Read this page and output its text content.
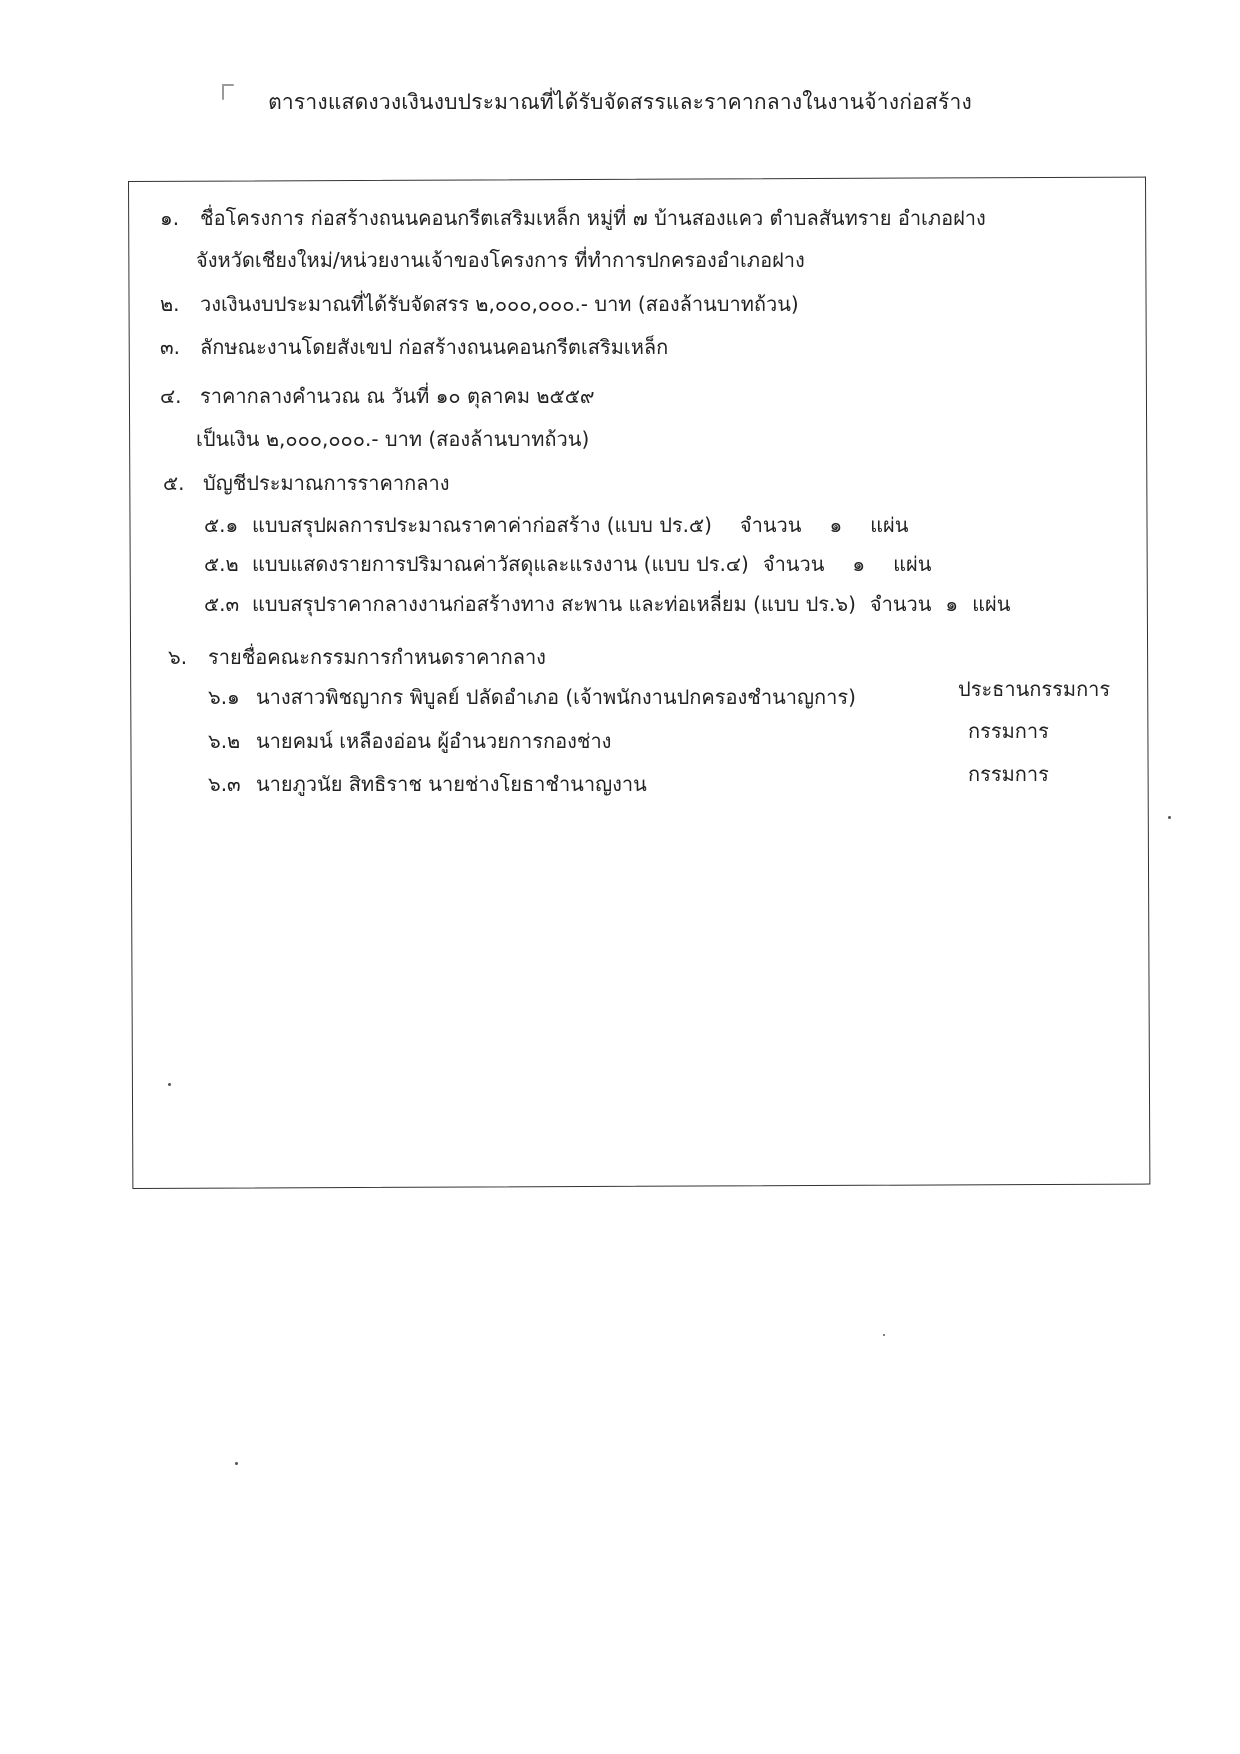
ตารางแสดงวงเงินงบประมาณที่ได้รับจัดสรรและราคากลางในงานจ้างก่อสร้าง
๑. ชื่อโครงการ ก่อสร้างถนนคอนกรีตเสริมเหล็ก หมู่ที่ ๗ บ้านสองแคว ตำบลสันทราย อำเภอฝาง
จังหวัดเชียงใหม่/หน่วยงานเจ้าของโครงการ ที่ทำการปกครองอำเภอฝาง
๒. วงเงินงบประมาณที่ได้รับจัดสรร ๒,๐๐๐,๐๐๐.- บาท (สองล้านบาทถ้วน)
๓. ลักษณะงานโดยสังเขป ก่อสร้างถนนคอนกรีตเสริมเหล็ก
๔. ราคากลางคำนวณ ณ วันที่ ๑๐ ตุลาคม ๒๕๕๙
เป็นเงิน ๒,๐๐๐,๐๐๐.- บาท (สองล้านบาทถ้วน)
๕. บัญชีประมาณการราคากลาง
๕.๑ แบบสรุปผลการประมาณราคาค่าก่อสร้าง (แบบ ปร.๕) จำนวน ๑ แผ่น
๕.๒ แบบแสดงรายการปริมาณค่าวัสดุและแรงงาน (แบบ ปร.๔) จำนวน ๑ แผ่น
๕.๓ แบบสรุปราคากลางงานก่อสร้างทาง สะพาน และท่อเหลี่ยม (แบบ ปร.๖) จำนวน ๑ แผ่น
๖. รายชื่อคณะกรรมการกำหนดราคากลาง
๖.๑ นางสาวพิชญากร พิบูลย์ ปลัดอำเภอ (เจ้าพนักงานปกครองชำนาญการ)	ประธานกรรมการ
๖.๒ นายคมน์ เหลืองอ่อน ผู้อำนวยการกองช่าง	กรรมการ
๖.๓ นายภูวนัย สิทธิราช นายช่างโยธาชำนาญงาน	กรรมการ
